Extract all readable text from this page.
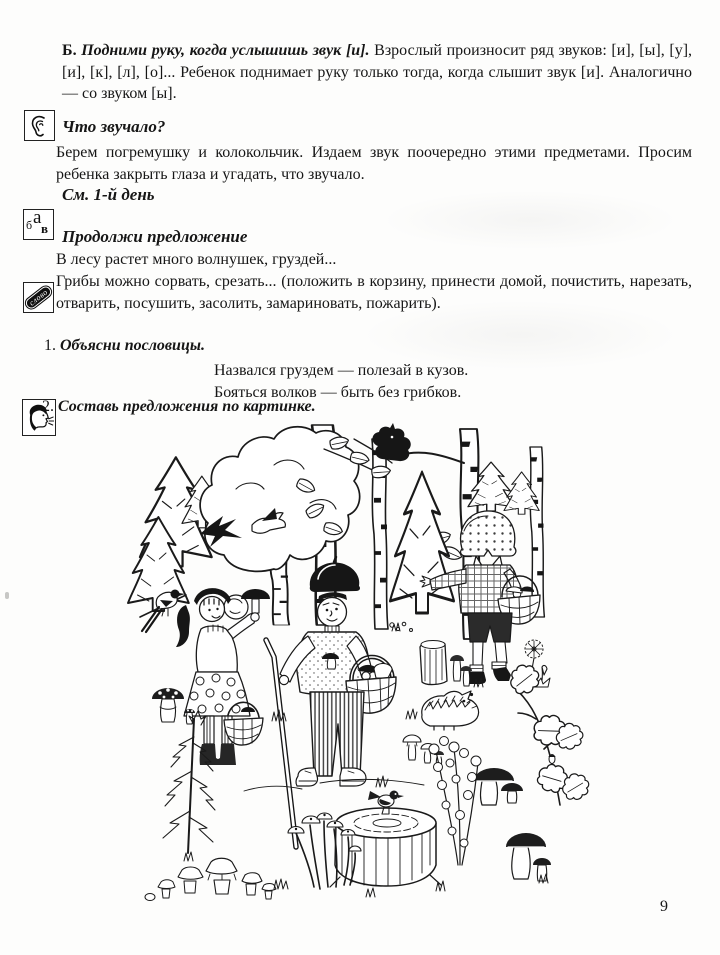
Б. Подними руку, когда услышишь звук [и]. Взрослый произносит ряд звуков: [и], [ы], [у], [и], [к], [л], [о]... Ребенок поднимает руку только тогда, когда слышит звук [и]. Аналогично — со звуком [ы].

Что звучало?

Берем погремушку и колокольчик. Издаем звук поочередно этими предметами. Просим ребенка закрыть глаза и угадать, что звучало.

а
б в
См. 1-й день
слово
Продолжи предложение

В лесу растет много волнушек, груздей...

Грибы можно сорвать, срезать... (положить в корзину, принести домой, почистить, нарезать, отварить, посушить, засолить, замариновать, пожарить).

1. Объясни пословицы.

Назвался груздем — полезай в кузов.
Бояться волков — быть без грибков.

2. Составь предложения по картинке.

9
